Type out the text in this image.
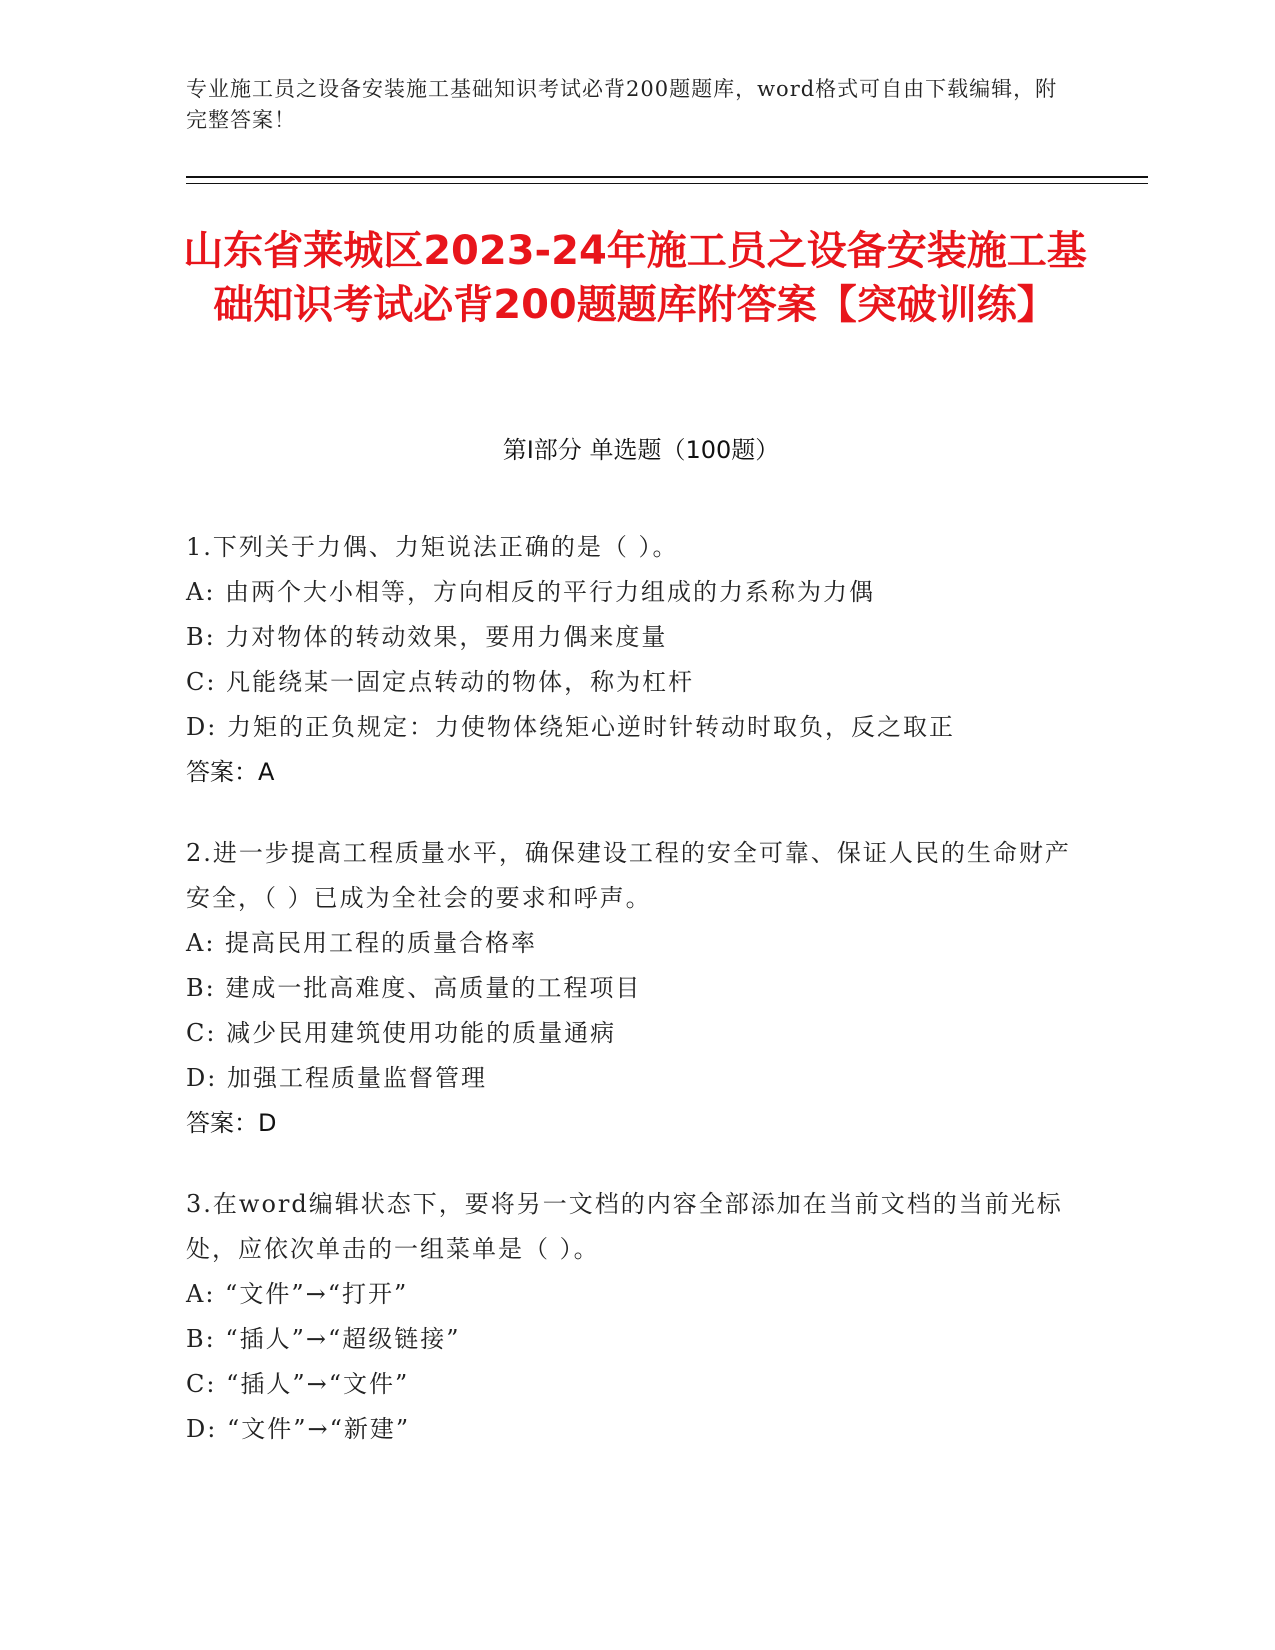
专业施工员之设备安装施工基础知识考试必背200题题库，word格式可自由下载编辑，附完整答案！
山东省莱城区2023-24年施工员之设备安装施工基础知识考试必背200题题库附答案【突破训练】
第Ⅰ部分 单选题（100题）
1.下列关于力偶、力矩说法正确的是（ ）。
A: 由两个大小相等，方向相反的平行力组成的力系称为力偶
B: 力对物体的转动效果，要用力偶来度量
C: 凡能绕某一固定点转动的物体，称为杠杆
D: 力矩的正负规定：力使物体绕矩心逆时针转动时取负，反之取正
答案：A
2.进一步提高工程质量水平，确保建设工程的安全可靠、保证人民的生命财产安全，（ ）已成为全社会的要求和呼声。
A: 提高民用工程的质量合格率
B: 建成一批高难度、高质量的工程项目
C: 减少民用建筑使用功能的质量通病
D: 加强工程质量监督管理
答案：D
3.在word编辑状态下，要将另一文档的内容全部添加在当前文档的当前光标处，应依次单击的一组菜单是（ ）。
A: “文件”→“打开”
B: “插人”→“超级链接”
C: “插人”→“文件”
D: “文件”→“新建”
